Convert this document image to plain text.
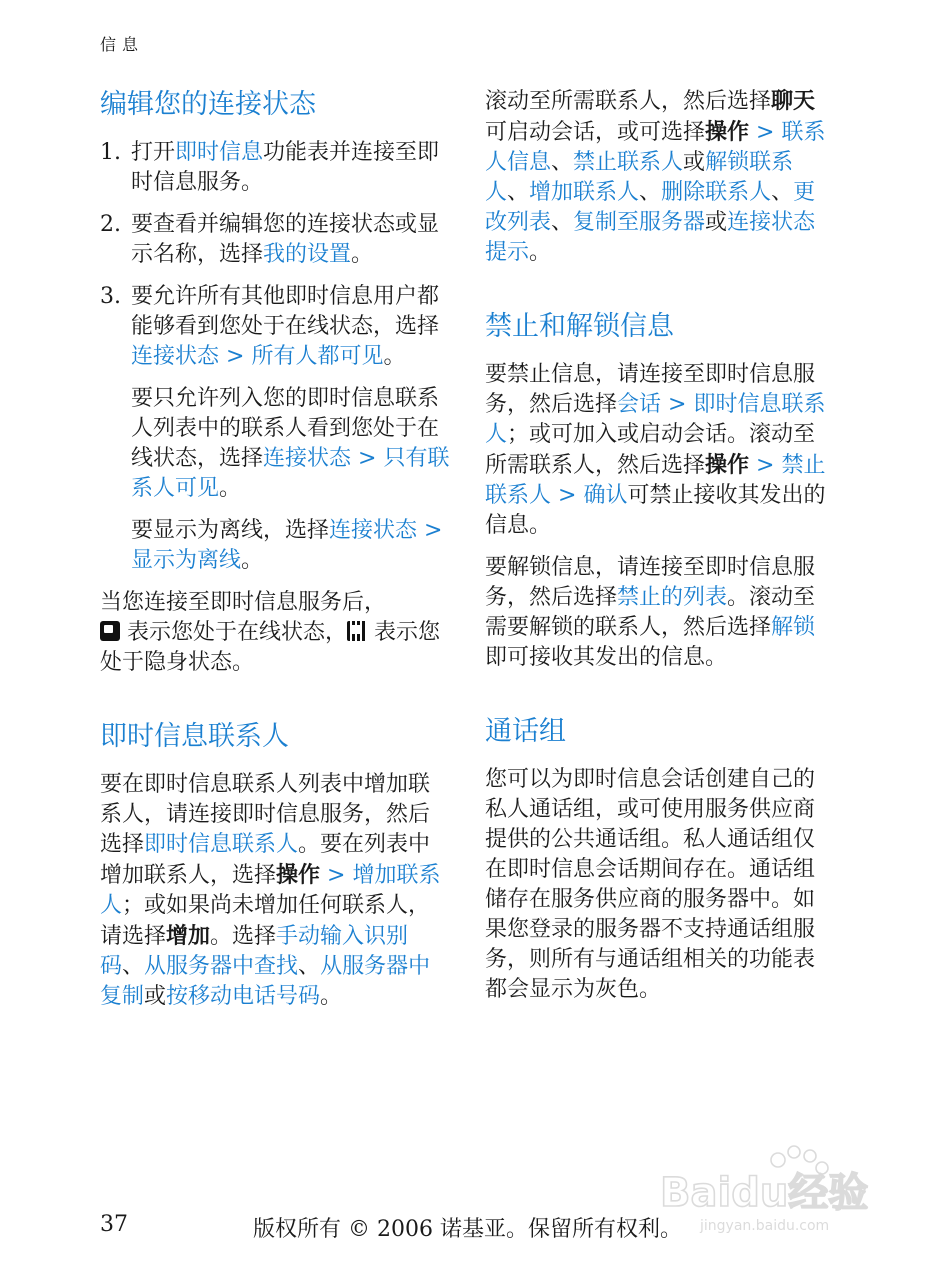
信息
编辑您的连接状态
1. 打开即时信息功能表并连接至即时信息服务。
2. 要查看并编辑您的连接状态或显示名称，选择我的设置。
3. 要允许所有其他即时信息用户都能够看到您处于在线状态，选择连接状态 > 所有人都可见。
要只允许列入您的即时信息联系人列表中的联系人看到您处于在线状态，选择连接状态 > 只有联系人可见。
要显示为离线，选择连接状态 > 显示为离线。

当您连接至即时信息服务后，
表示您处于在线状态， 表示您处于隐身状态。

即时信息联系人

要在即时信息联系人列表中增加联系人，请连接即时信息服务，然后选择即时信息联系人。要在列表中增加联系人，选择操作 > 增加联系人；或如果尚未增加任何联系人，请选择增加。选择手动输入识别码、从服务器中查找、从服务器中复制或按移动电话号码。

滚动至所需联系人，然后选择聊天可启动会话，或可选择操作 > 联系人信息、禁止联系人或解锁联系人、增加联系人、删除联系人、更改列表、复制至服务器或连接状态提示。

禁止和解锁信息

要禁止信息，请连接至即时信息服务，然后选择会话 > 即时信息联系人；或可加入或启动会话。滚动至所需联系人，然后选择操作 > 禁止联系人 > 确认可禁止接收其发出的信息。

要解锁信息，请连接至即时信息服务，然后选择禁止的列表。滚动至需要解锁的联系人，然后选择解锁即可接收其发出的信息。

通话组

您可以为即时信息会话创建自己的私人通话组，或可使用服务供应商提供的公共通话组。私人通话组仅在即时信息会话期间存在。通话组储存在服务供应商的服务器中。如果您登录的服务器不支持通话组服务，则所有与通话组相关的功能表都会显示为灰色。

Baidu经验
jingyan.baidu.com
37	版权所有 © 2006 诺基亚。保留所有权利。
